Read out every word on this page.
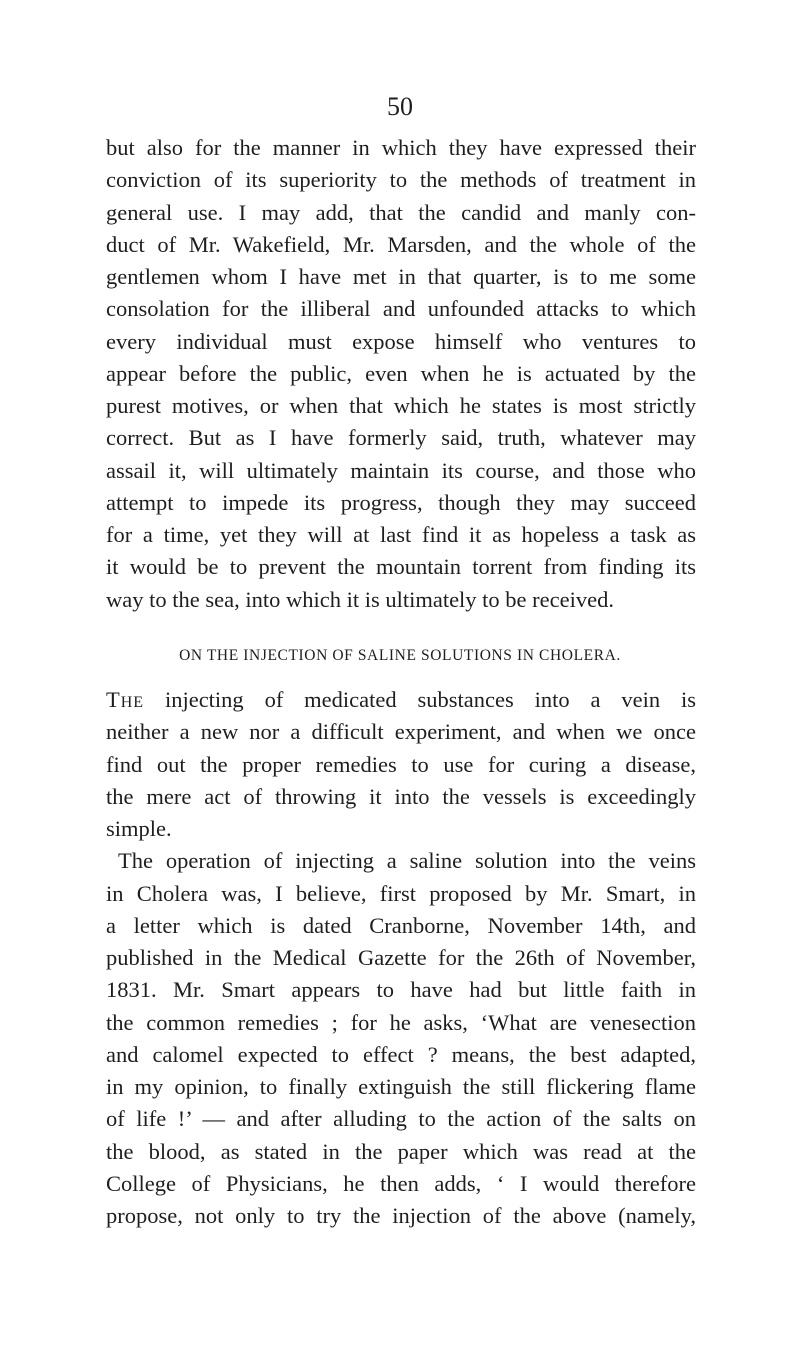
50
but also for the manner in which they have expressed their
conviction of its superiority to the methods of treatment in
general use. I may add, that the candid and manly con-
duct of Mr. Wakefield, Mr. Marsden, and the whole of the
gentlemen whom I have met in that quarter, is to me some
consolation for the illiberal and unfounded attacks to which
every individual must expose himself who ventures to
appear before the public, even when he is actuated by the
purest motives, or when that which he states is most strictly
correct. But as I have formerly said, truth, whatever may
assail it, will ultimately maintain its course, and those who
attempt to impede its progress, though they may succeed
for a time, yet they will at last find it as hopeless a task as
it would be to prevent the mountain torrent from finding its
way to the sea, into which it is ultimately to be received.
ON THE INJECTION OF SALINE SOLUTIONS IN CHOLERA.
The injecting of medicated substances into a vein is
neither a new nor a difficult experiment, and when we once
find out the proper remedies to use for curing a disease,
the mere act of throwing it into the vessels is exceedingly
simple.
The operation of injecting a saline solution into the veins
in Cholera was, I believe, first proposed by Mr. Smart, in
a letter which is dated Cranborne, November 14th, and
published in the Medical Gazette for the 26th of November,
1831. Mr. Smart appears to have had but little faith in
the common remedies ; for he asks, ‘What are venesection
and calomel expected to effect ? means, the best adapted,
in my opinion, to finally extinguish the still flickering flame
of life !’ — and after alluding to the action of the salts on
the blood, as stated in the paper which was read at the
College of Physicians, he then adds, ‘ I would therefore
propose, not only to try the injection of the above (namely,
